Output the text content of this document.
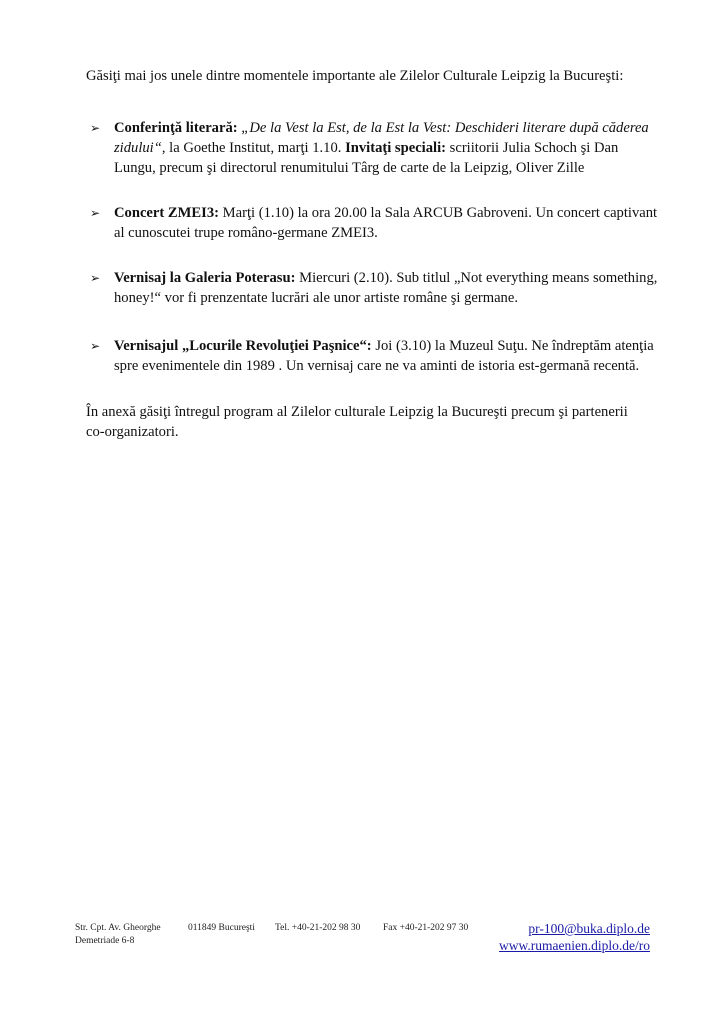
Găsiţi mai jos unele dintre momentele importante ale Zilelor Culturale Leipzig la Bucureşti:
➢ Conferinţă literară: „De la Vest la Est, de la Est la Vest: Deschideri literare după căderea zidului“, la Goethe Institut, marţi 1.10. Invitaţi speciali: scriitorii Julia Schoch şi Dan Lungu, precum şi directorul renumitului Târg de carte de la Leipzig, Oliver Zille
➢ Concert ZMEI3: Marţi (1.10) la ora 20.00 la Sala ARCUB Gabroveni. Un concert captivant al cunoscutei trupe româno-germane ZMEI3.
➢ Vernisaj la Galeria Poterasu: Miercuri (2.10). Sub titlul „Not everything means something, honey!“ vor fi prenzentate lucrări ale unor artiste române şi germane.
➢ Vernisajul „Locurile Revoluţiei Paşnice“: Joi (3.10) la Muzeul Suţu. Ne îndreptăm atenţia spre evenimentele din 1989 . Un vernisaj care ne va aminti de istoria est-germană recentă.
În anexă găsiţi întregul program al Zilelor culturale Leipzig la Bucureşti precum şi partenerii co-organizatori.
Str. Cpt. Av. Gheorghe
Demetriade 6-8
011849 Bucureşti Tel. +40-21-202 98 30 Fax +40-21-202 97 30	pr-100@buka.diplo.de
www.rumaenien.diplo.de/ro
